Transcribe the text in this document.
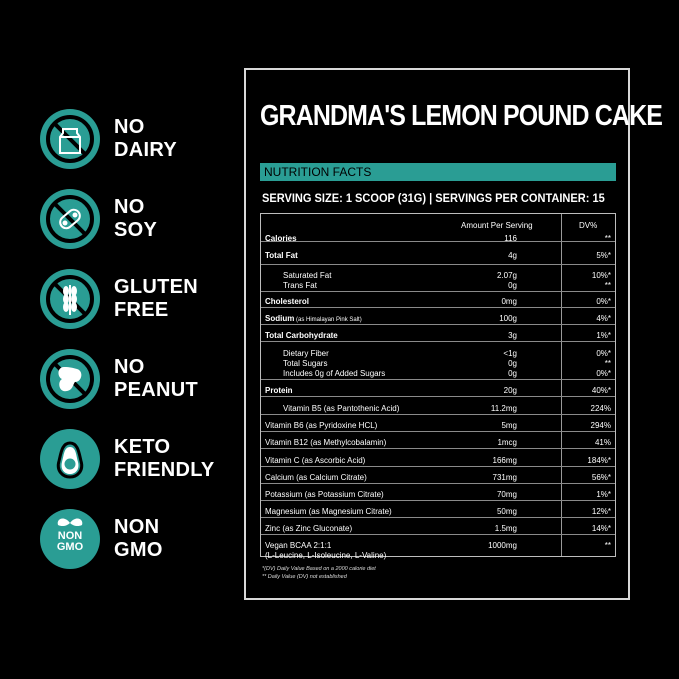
NO
DAIRY
NO
SOY
GLUTEN
FREE
NO
PEANUT
KETO
FRIENDLY
NON
GMO
NON
GMO
GRANDMA'S LEMON POUND CAKE
NUTRITION FACTS
SERVING SIZE: 1 SCOOP (31G) | SERVINGS PER CONTAINER: 15
Amount Per Serving	DV%
Calories	116	**
Total Fat	4g	5%*
Saturated Fat	2.07g	10%*
Trans Fat	0g	**
Cholesterol	0mg	0%*
Sodium (as Himalayan Pink Salt)	100g	4%*
Total Carbohydrate	3g	1%*
Dietary Fiber	<1g	0%*
Total Sugars	0g	**
Includes 0g of Added Sugars	0g	0%*
Protein	20g	40%*
Vitamin B5 (as Pantothenic Acid)	11.2mg	224%
Vitamin B6 (as Pyridoxine HCL)	5mg	294%
Vitamin B12 (as Methylcobalamin)	1mcg	41%
Vitamin C (as Ascorbic Acid)	166mg	184%*
Calcium (as Calcium Citrate)	731mg	56%*
Potassium (as Potassium Citrate)	70mg	1%*
Magnesium (as Magnesium Citrate)	50mg	12%*
Zinc (as Zinc Gluconate)	1.5mg	14%*
Vegan BCAA 2:1:1	1000mg	**
(L-Leucine, L-Isoleucine, L-Valine)
*(DV) Daily Value Based on a 2000 calorie diet
** Daily Value (DV) not established
